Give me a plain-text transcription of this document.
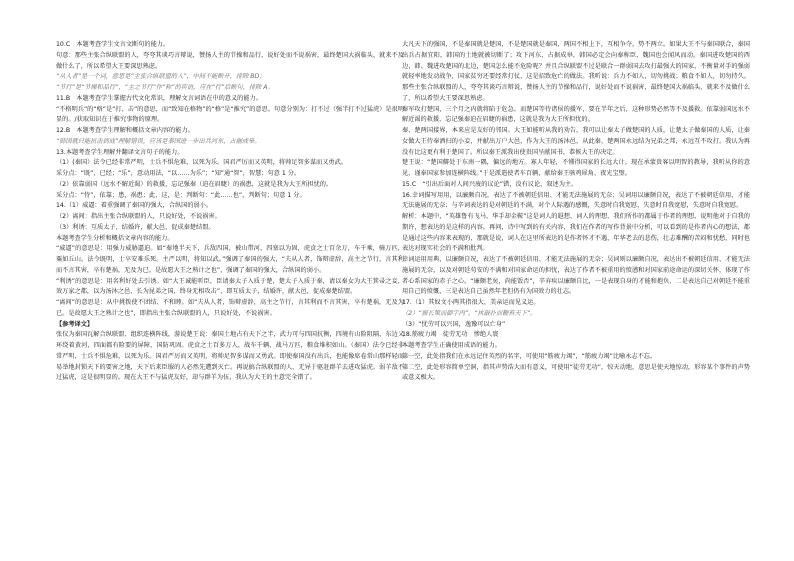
10.C　本题考查学生文言文断句的能力。

句意：那些主张合纵联盟的人，夸夸其谈巧言辩说，赞扬人主的节操和品行，说好处而不说祸害，最终楚国大祸临头，就来不及做什么了，所以希望大王要深思熟虑。

“从人者”是一个词，意思是“主张合纵联盟的人”，中间不能断开，排除 BD；

“节行”是“节操和品行”，“主之节行”作“称”的宾语，应在“行”后断句，排除 A。

11.B　本题考查学生掌握古代文化常识，理解文言词语在中的意义的能力。

“不格明兵”的“格”是“打、击”的意思，而“致知在格物”的“格”是“推究”的意思。句意分别为：打不过（强半打不过猛虎）是很明显的。/获取知识在于推究事物的原理。

12.B　本题考查学生理解和概括文章内容的能力。

“韩国就只能抗击到底”理解错误，应该是秦国进一步出兵河东，占据成皋。

13.本题考查学生理解并翻译文言句子的能力。

（1）(秦国）法令已经非常严明，士兵不惧危难，以死为乐。国君严厉而又英明，将帅足智多谋而又勇武。

采分点：“既”，已经；“乐”，意动用法，“以……为乐”；“知”通“智”，智慧；句意 1 分。

（2）依靠弱国（远水不解近渴）的救援，忘记强秦（迫在眉睫）的祸患，这就是我为大王所担忧的。

采分点：“恃”，依靠；患，祸患；此，这，是：判断句：“此……也”，判断句；句意 1 分。

14.（1）威逼：着重强调了秦国的强大，合纵国的弱小。

（2）离间：指出主张合纵联盟的人，只说好处，不说祸害。

（3）利诱：互质太子，结婚许，献大邑，促成秦楚结盟。

本题考查学生分析和概括文章内容的能力。

“威逼”的意思是：用强力威胁逼迫。如“秦地半天下，兵敌四国，被山带河，四塞以为固，虎贲之士百余万，车千乘，骑万匹，粟如丘山。法令既明，士卒安难乐死。主严以明，将知以武。”强调了秦国的强大，“夫从人者，饰辩虚辞，高主之节行，言其利而不言其害，卒有楚祸，无及为已。是故愿大王之熟计之也”，强调了秦国的强大，合纵国的弱小。

“利诱”的意思是：用名利好处去引诱。如“大王诚能听臣，臣请秦太子入质于楚，楚太子入质于秦，请以秦女为大王箕帚之妾，效万家之都，以为汤沐之邑，长为昆弟之国，终身无相攻击”，即互质太子，结婚许，献大邑，促成秦楚结盟。

“离间”的意思是：从中挑拨使不团结、不和睦。如“夫从人者，饰辩虚辞，高主之节行，言其利而不言其害，卒有楚祸，无及为已。是故愿大王之熟计之也”，即指出主张合纵联盟的人，只说好处，不说祸害。

【参考译文】

张仪为秦国瓦解合纵联盟、组织连横阵线，游说楚王说：秦国土地占有天下之半，武力可与四国抗衡，四境有山险阻隔，东边又环绕着黄河，四面都有险要的屏障，国防巩固。虎贲之士百多万人，战车千辆，战马万匹，粮食堆积如山。（秦国）法令已经非常严明，士兵不惧危难，以死为乐。国君严厉而又英明，将帅足智多谋而又勇武。即使秦国没有出兵，也能像席卷常山那样轻而易举地封锁天下的要害之地，天下后来臣服的人必然先遭到灭亡。再说搞合纵联盟的人，无异于驱赶群羊去进攻猛虎。弱羊敌不过猛虎，这是很明显的。现在大王不与猛虎友好，却与群羊为伍，我认为大王的主意完全错了。

大凡天下的强国，不是秦国就是楚国，不是楚国就是秦国，两国不相上下，互相争夺，势不两立。如果大王不与秦国联合，秦国出兵占据宜阳，韩国的土地就被切断了；攻下河东，占据成皋，韩国必定会向秦称臣，魏国也会闻风而动。秦国进攻楚国的西边，韩、魏进攻楚国的北边，楚国怎么能不危险呢？并且合纵联盟不过是联合一群弱国去攻打最强大的国家，不衡量对手的强弱就轻率地发动战争，国家贫穷还要经常打仗，这是招致危亡的做法。我听说：兵力不如人，切勿挑战；粮食不如人，切勿持久。那些主张合纵联盟的人，夸夸其谈巧言辩说，赞扬人主的节操和品行，说好处而不说祸害，最终楚国大祸临头，就来不及做什么了，所以希望大王要深思熟虑。

秦军攻打楚国，三个月之内就将陷于危急。而楚国等待诸侯的援军，要在半年之后，这种形势必然等不及援救。依靠弱国远水不解近渴的救援，忘记强秦迫在眉睫的祸患，这就是我为大王所担忧的。

秦、楚两国接界，本来应是友好的邻国。大王如能听从我的劝告，我可以让秦太子做楚国的人质，让楚太子做秦国的人质，让秦女做大王侍奉洒扫的小妾，并献出万户大邑，作为大王的汤沐邑，从此秦、楚两国永远结为兄弟之邦，永远互不攻打。我认为再没有比这更有利于楚国了。所以秦王派我出使贵国呈献国书，恭候大王的决定。

楚王说：“楚国僻处于东南一隅，偏远的地方。寡人年轻，不懂得国家的长远大计。现在承蒙贵客以明智的教导，我听从你的意见，谨奉国家参加连横阵线。”于是派遣使者车百辆，献给秦王骇鸡犀角、夜光宝璧。

15.C　“引出后面对人间兴废的议论”错，没有议论，叙述为主。

16.幸词描写用用，以廉颇自况，表达了不被朝廷信用、才能无法施展的无奈；吴词用以廉颇自况，表达了不被朝廷信用、才能无法施展的无奈；与辛词表达的是对朝廷的不满，对个人际遇的感慨，失意时自我宽慰，失意时自我宽慰，失意时自我宽慰。

解析：本题中，“英雄鲁有飞马，华手却金鞍”这是词人的遐想、词人的理想，我们所作的都属于作者的理想，说明他对于自我的期许，想表达的是这样的内容。再问，诗中写到的有关内容，我们在作者的写作背景中分析，可以看到的是作者内心的想法，都是通过这些内容来表现的，那就是说，词人在这里所表达的是作者怀才不遇，年华老去的悲伤，壮志难酬的苦闷和忧愁，同时也表达对现实社会的不满和批判。

幸词运用用典，以廉颇自况，表达了不被朝廷信用、才能无法施展的无奈；吴词则以廉颇自况，表达出不被朝廷信用、才能无法施展的无奈，以及对朝廷苟安的不满和对国家命运的担忧，表达了作者不被重用的愤懑和对国家前途命运的深切关怀，体现了作者心系国家的赤子之心。“廉颇老矣，尚能饭否”，辛弃疾以廉颇自比，一是表现自身的才能和抱负，二是表达自己对朝廷不能重用自己的愤慨，三是表达自己虽然年老但仍有为国效力的壮志。

17.（1）其奴文小两其指很大，美亲运而见义运。

（2）“振长策而御宇内”，“执敲扑而鞭笞天下”。

（3）“忧劳可以兴国，逸豫可以亡身”

18.筋疲力竭　徒劳无功　惨绝人寰

本题考查学生正确使用成语的能力。

第一空，此处指我们在永远记住英烈的名字，可使用“筋疲力竭”，“筋疲力竭”比喻永志不忘。

第二空，此处形容简单空洞，指其声势浩大而有意义，可使用“徒劳无功”，惊天动地，意思是使天地惊动，形容某个事件的声势或意义极大。
